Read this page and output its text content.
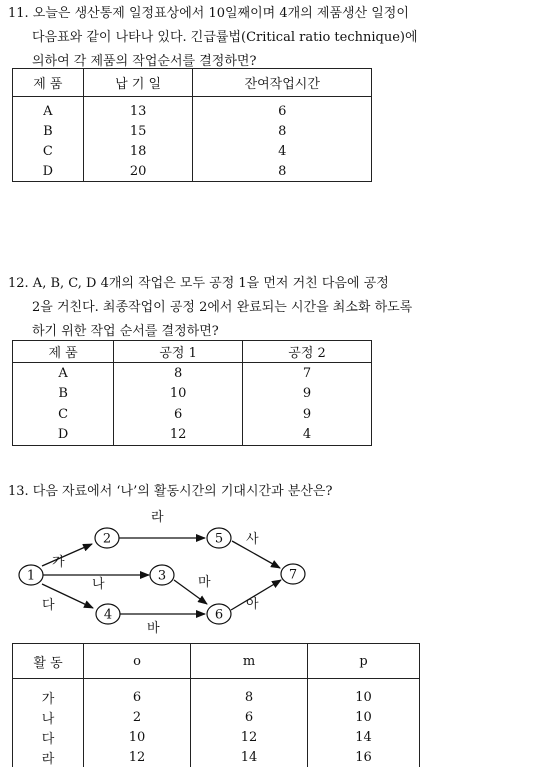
11. 오늘은 생산통제 일정표상에서 10일째이며 4개의 제품생산 일정이
다음표와 같이 나타나 있다. 긴급률법(Critical ratio technique)에
의하여 각 제품의 작업순서를 결정하면?
제 품	납 기 일	잔여작업시간
A	13	6
B	15	8
C	18	4
D	20	8
12. A, B, C, D 4개의 작업은 모두 공정 1을 먼저 거친 다음에 공정
2을 거친다. 최종작업이 공정 2에서 완료되는 시간을 최소화 하도록
하기 위한 작업 순서를 결정하면?
제 품	공정 1	공정 2
A	8	7
B	10	9
C	6	9
D	12	4
13. 다음 자료에서 ‘나’의 활동시간의 기대시간과 분산은?
1
2
3
4
5
6
7
가
나
다
라
마
바
사
아
활 동	o	m	p
가	6	8	10
나	2	6	10
다	10	12	14
라	12	14	16
